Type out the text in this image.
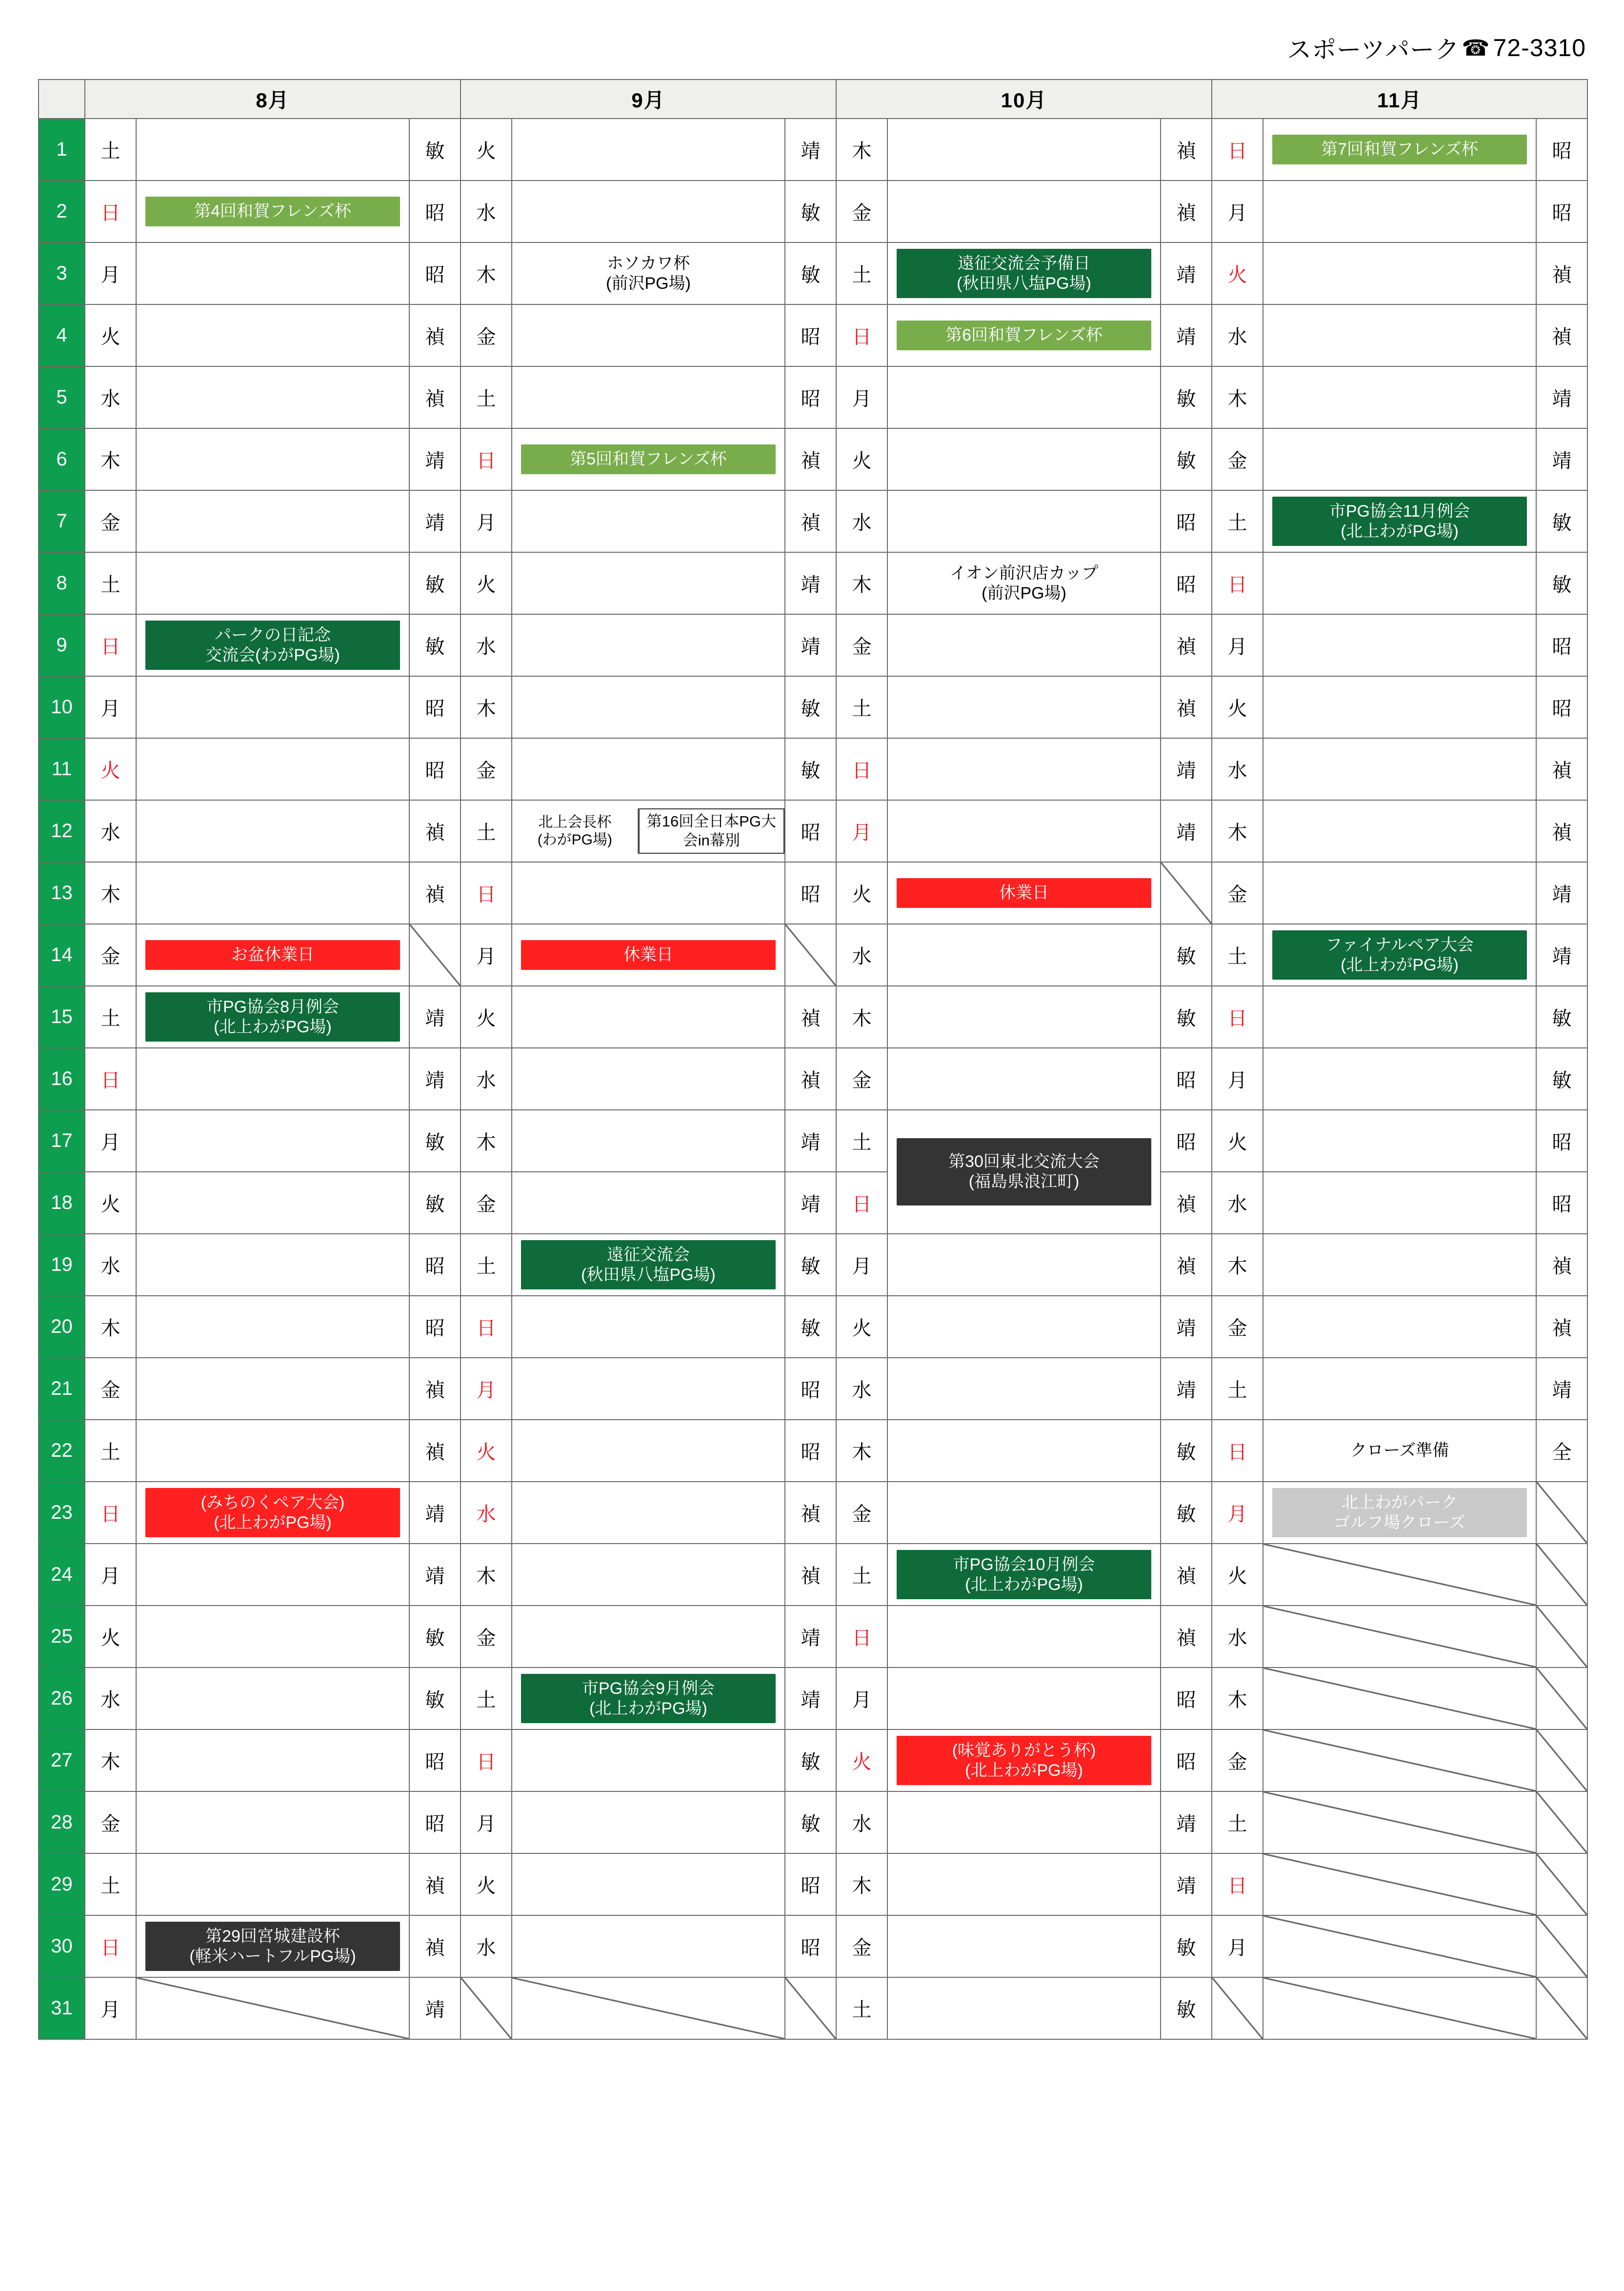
スポーツパーク ☎ 72-3310
	8月			9月			10月			11月		
1	土		敏	火		靖	木		禎	日	第7回和賀フレンズ杯	昭
2	日	第4回和賀フレンズ杯	昭	水		敏	金		禎	月		昭
3	月		昭	木	ホソカワ杯
(前沢PG場)	敏	土	遠征交流会予備日
(秋田県八塩PG場)	靖	火		禎
4	火		禎	金		昭	日	第6回和賀フレンズ杯	靖	水		禎
5	水		禎	土		昭	月		敏	木		靖
6	木		靖	日	第5回和賀フレンズ杯	禎	火		敏	金		靖
7	金		靖	月		禎	水		昭	土	市PG協会11月例会
(北上わがPG場)	敏
8	土		敏	火		靖	木	イオン前沢店カップ
(前沢PG場)	昭	日		敏
9	日	パークの日記念
交流会(わがPG場)	敏	水		靖	金		禎	月		昭
10	月		昭	木		敏	土		禎	火		昭
11	火		昭	金		敏	日		靖	水		禎
12	水		禎	土	北上会長杯
(わがPG場)
第16回全日本PG大会in幕別	昭	月		靖	木		禎
13	木		禎	日		昭	火	休業日		金		靖
14	金	お盆休業日		月	休業日		水		敏	土	ファイナルペア大会
(北上わがPG場)	靖
15	土	市PG協会8月例会
(北上わがPG場)	靖	火		禎	木		敏	日		敏
16	日		靖	水		禎	金		昭	月		敏
17	月		敏	木		靖	土	第30回東北交流大会
(福島県浪江町)	昭	火		昭
18	火		敏	金		靖	日		禎	水		昭
19	水		昭	土	遠征交流会
(秋田県八塩PG場)	敏	月		禎	木		禎
20	木		昭	日		敏	火		靖	金		禎
21	金		禎	月		昭	水		靖	土		靖
22	土		禎	火		昭	木		敏	日	クローズ準備	全
23	日	(みちのくペア大会)
(北上わがPG場)	靖	水		禎	金		敏	月	北上わがパーク
ゴルフ場クローズ	

24	月		靖	木		禎	土	市PG協会10月例会
(北上わがPG場)	禎	火		
25	火		敏	金		靖	日		禎	水		
26	水		敏	土	市PG協会9月例会
(北上わがPG場)	靖	月		昭	木		
27	木		昭	日		敏	火	(味覚ありがとう杯)
(北上わがPG場)	昭	金		
28	金		昭	月		敏	水		靖	土		
29	土		禎	火		昭	木		靖	日		
30	日	第29回宮城建設杯
(軽米ハートフルPG場)	禎	水		昭	金		敏	月		
31	月		靖				土		敏			
